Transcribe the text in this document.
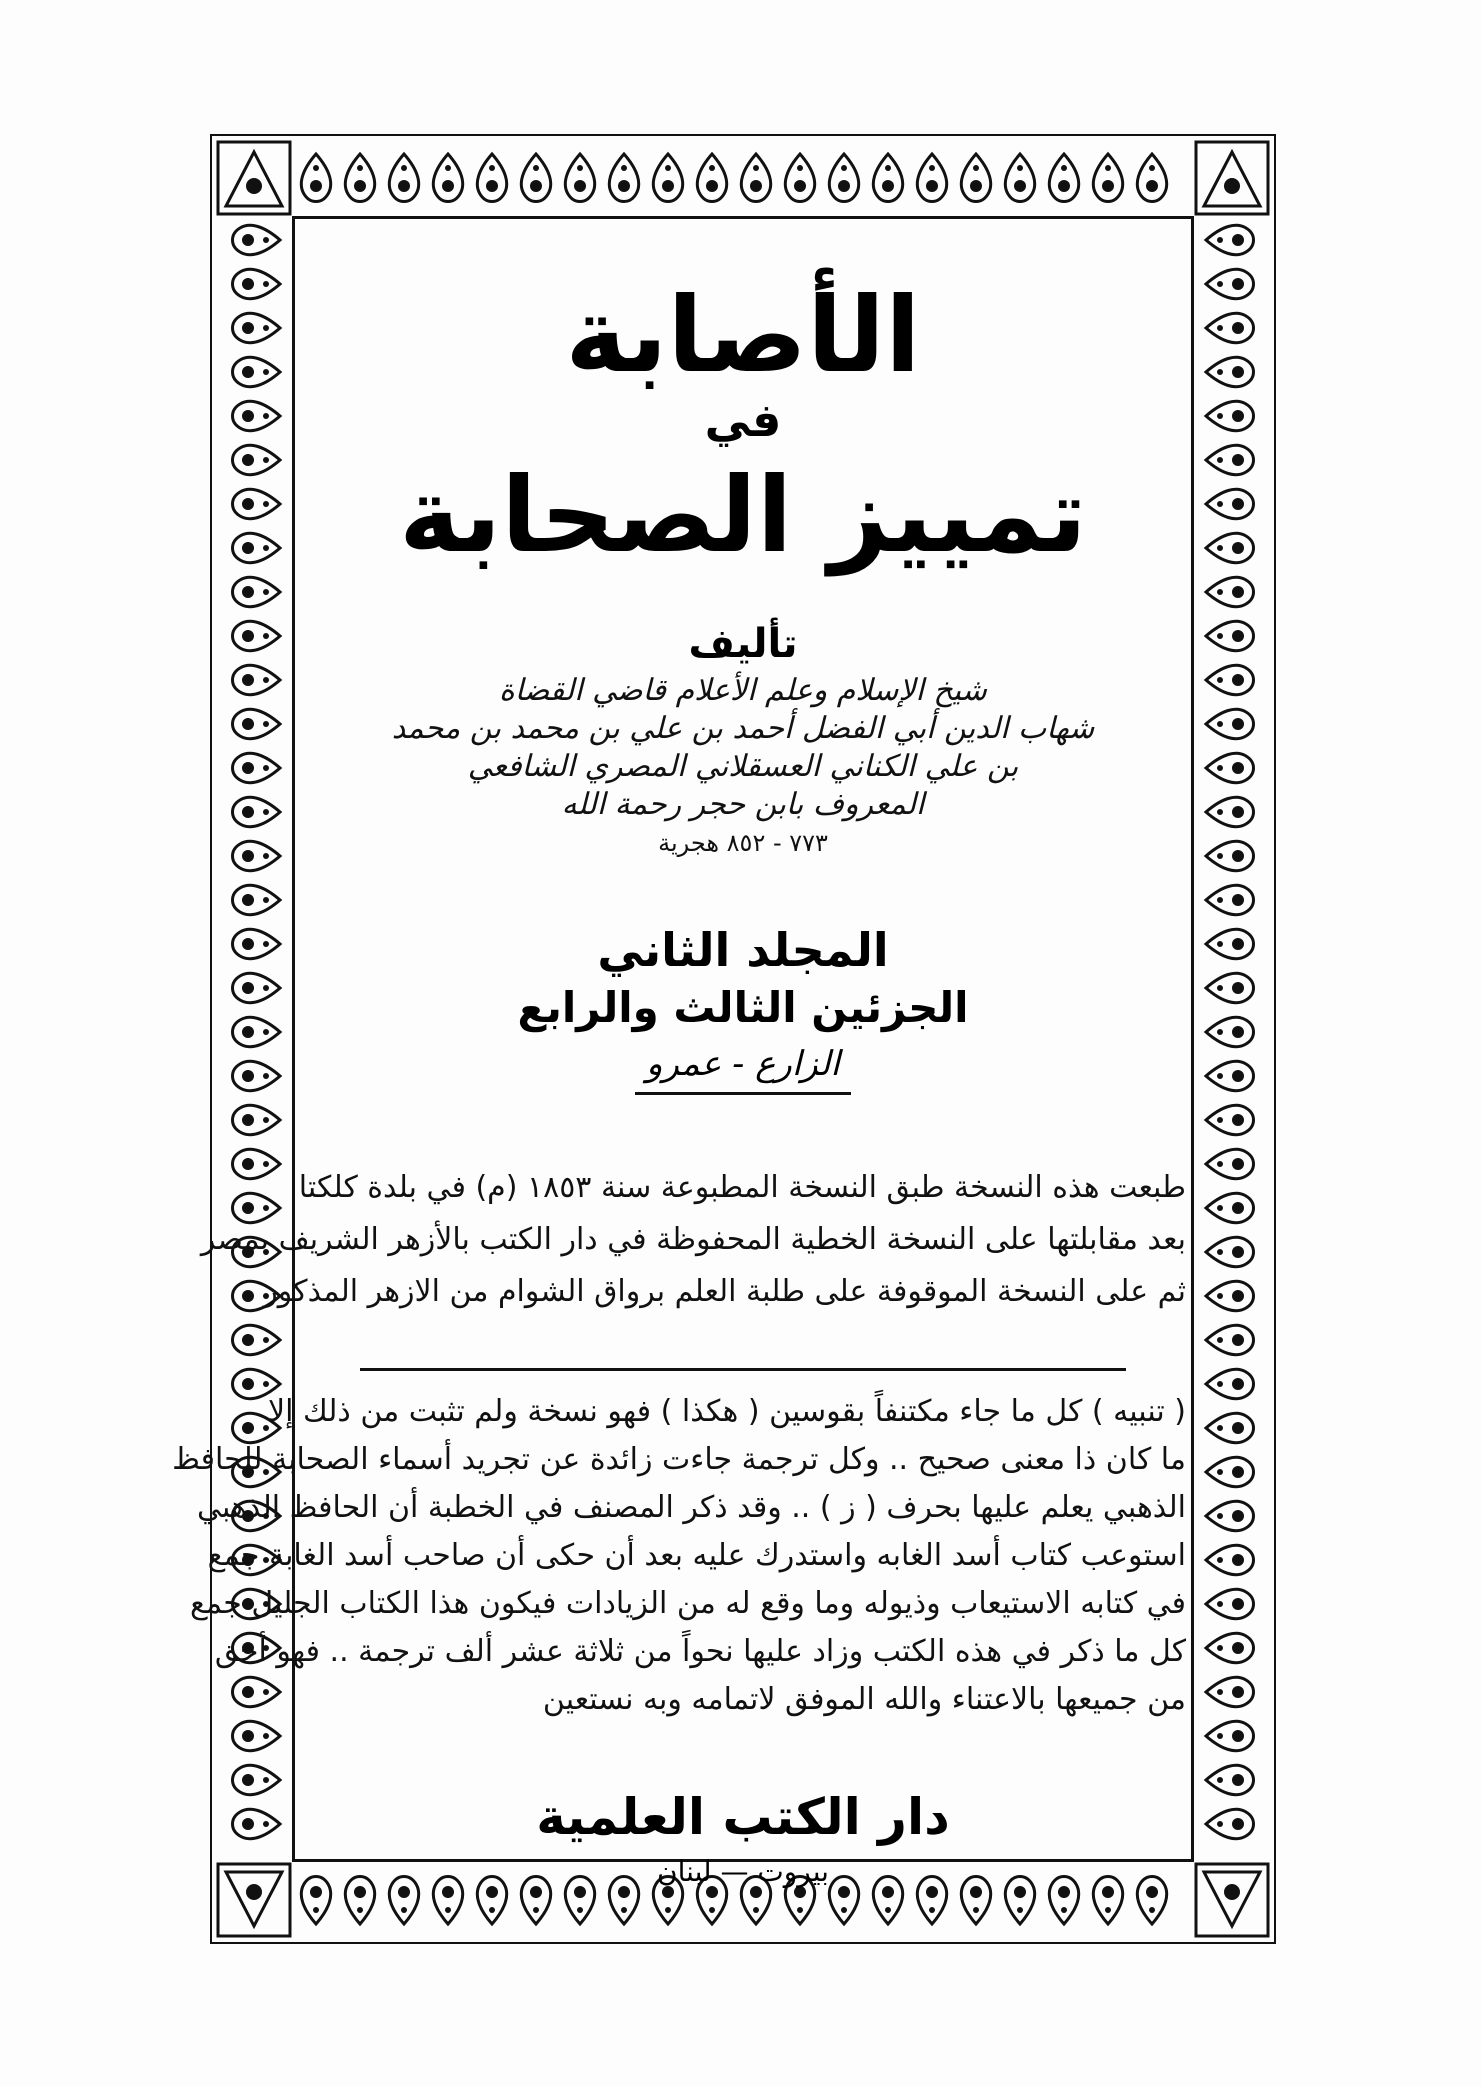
الأصابة
في
تمييز الصحابة
تأليف
شيخ الإسلام وعلم الأعلام قاضي القضاة
شهاب الدين أبي الفضل أحمد بن علي بن محمد بن محمد
بن علي الكناني العسقلاني المصري الشافعي
المعروف بابن حجر رحمة الله
٧٧٣ - ٨٥٢ هجرية
المجلد الثاني
الجزئين الثالث والرابع
الزارع - عمرو
طبعت هذه النسخة طبق النسخة المطبوعة سنة ١٨٥٣ (م) في بلدة كلكتا
بعد مقابلتها على النسخة الخطية المحفوظة في دار الكتب بالأزهر الشريف بمصر
ثم على النسخة الموقوفة على طلبة العلم برواق الشوام من الازهر المذكور
( تنبيه ) كل ما جاء مكتنفاً بقوسين ( هكذا ) فهو نسخة ولم تثبت من ذلك إلا
ما كان ذا معنى صحيح .. وكل ترجمة جاءت زائدة عن تجريد أسماء الصحابة للحافظ
الذهبي يعلم عليها بحرف ( ز ) .. وقد ذكر المصنف في الخطبة أن الحافظ الذهبي
استوعب كتاب أسد الغابه واستدرك عليه بعد أن حكى أن صاحب أسد الغابة جمع
في كتابه الاستيعاب وذيوله وما وقع له من الزيادات فيكون هذا الكتاب الجليل جمع
كل ما ذكر في هذه الكتب وزاد عليها نحواً من ثلاثة عشر ألف ترجمة .. فهو أحق
من جميعها بالاعتناء والله الموفق لاتمامه وبه نستعين
دار الكتب العلمية
بيروت — لبنان
